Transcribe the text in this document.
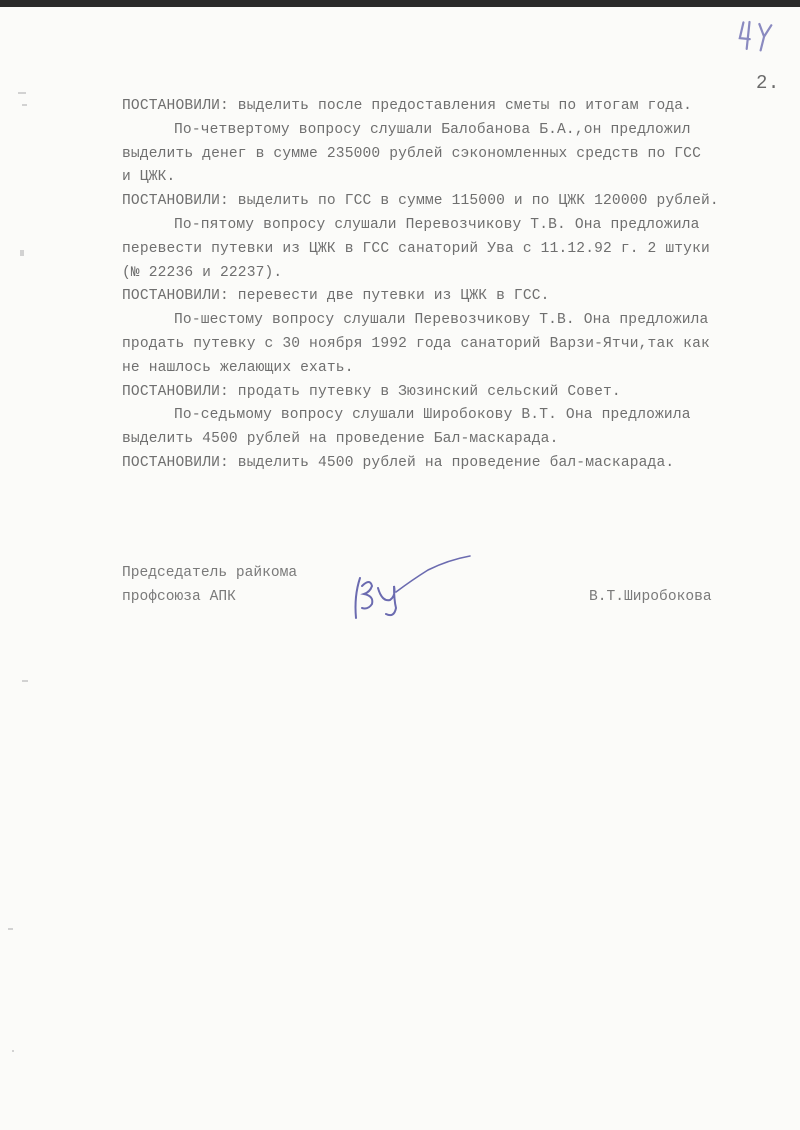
2.
ПОСТАНОВИЛИ: выделить после предоставления сметы по итогам года.
По-четвертому вопросу слушали Балобанова Б.А.,он предложил
выделить денег в сумме 235000 рублей сэкономленных средств по ГСС
и ЦЖК.
ПОСТАНОВИЛИ: выделить по ГСС в сумме 115000 и по ЦЖК 120000 рублей.
По-пятому вопросу слушали Перевозчикову Т.В. Она предложила
перевести путевки из ЦЖК в ГСС санаторий Ува с 11.12.92 г. 2 штуки
(№ 22236 и 22237).
ПОСТАНОВИЛИ: перевести две путевки из ЦЖК в ГСС.
По-шестому вопросу слушали Перевозчикову Т.В. Она предложила
продать путевку с 30 ноября 1992 года санаторий Варзи-Ятчи,так как
не нашлось желающих ехать.
ПОСТАНОВИЛИ: продать путевку в Зюзинский сельский Совет.
По-седьмому вопросу слушали Широбокову В.Т. Она предложила
выделить 4500 рублей на проведение Бал-маскарада.
ПОСТАНОВИЛИ: выделить 4500 рублей на проведение бал-маскарада.
Председатель райкома
профсоюза АПК	В.Т.Широбокова
